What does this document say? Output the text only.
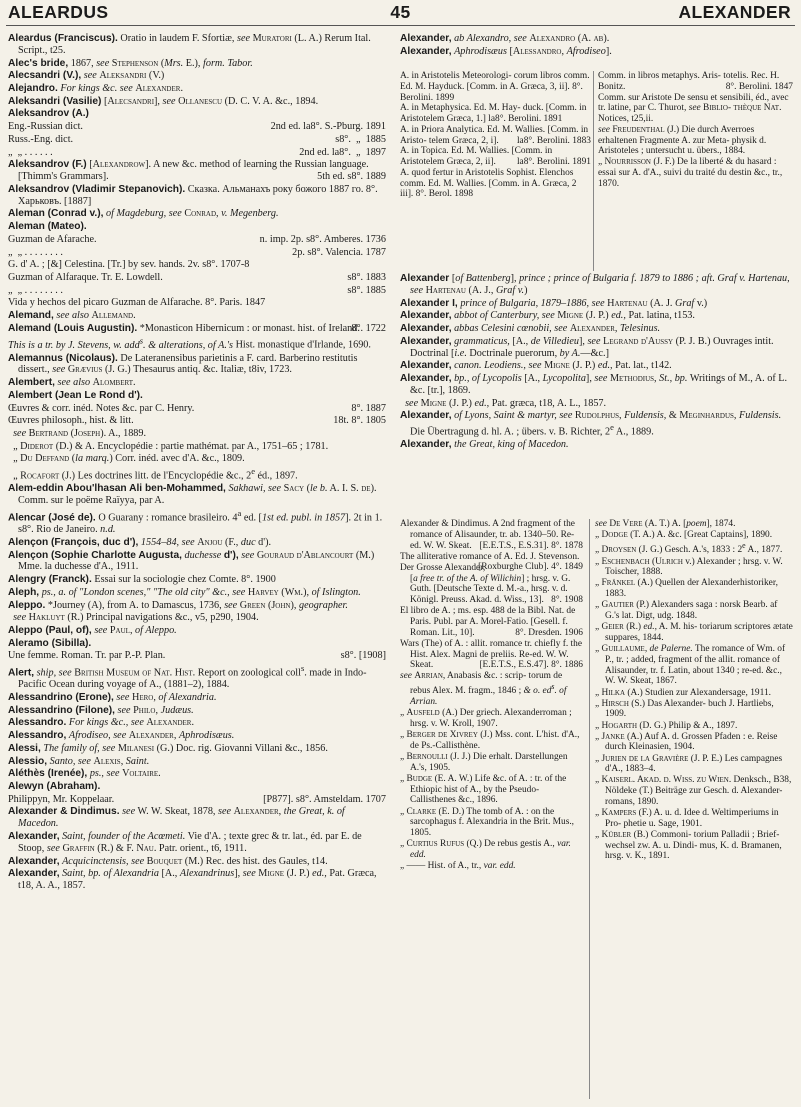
ALEARDUS	45	ALEXANDER

Aleardus (Franciscus). Oratio in laudem F. Sfortiæ, see Muratori (L. A.) Rerum Ital. Script., t25.

Alec's bride, 1867, see Stephenson (Mrs. E.), form. Tabor.

Alecsandri (V.), see Aleksandri (V.)

Alejandro. For kings &c. see Alexander.

Aleksandri (Vasilie) [Alecsandri], see Ollanescu (D. C. V. A. &c., 1894.

Aleksandrov (A.)

Eng.-Russian dict.	2nd ed. la8°. S.-Pburg. 1891

Russ.-Eng. dict.	s8°.  „  1885

„  „ . . . . . .	2nd ed. la8°.  „  1897

Aleksandrov (F.) [Alexandrow]. A new &c. method of learning the Russian language. [Thimm's Grammars].	5th ed. s8°. 1889

Aleksandrov (Vladimir Stepanovich). Сказка. Альманахъ року божого 1887 го. 8°. Харьковъ. [1887]

Aleman (Conrad v.), of Magdeburg, see Conrad, v. Megenberg.

Aleman (Mateo).

Guzman de Afarache.	n. imp. 2p. s8°. Amberes. 1736

„  „ . . . . . . . .	2p. s8°. Valencia. 1787

G. d' A. ; [&] Celestina. [Tr.] by sev. hands. 2v. s8°. 1707-8

Guzman of Alfaraque. Tr. E. Lowdell.	s8°. 1883

„  „ . . . . . . . .	s8°. 1885

Vida y hechos del picaro Guzman de Alfarache. 8°. Paris. 1847

Alemand, see also Allemand.

Alemand (Louis Augustin). *Monasticon Hibernicum : or monast. hist. of Ireland.
8°. 1722

This is a tr. by J. Stevens, w. add$^s$. & alterations, of A.'s Hist. monastique d'Irlande, 1690.

Alemannus (Nicolaus). De Lateranensibus parietinis a F. card. Barberino restitutis dissert., see Grævius (J. G.) Thesaurus antiq. &c. Italiæ, t8iv, 1723.

Alembert, see also Alombert.

Alembert (Jean Le Rond d').

Œuvres & corr. inéd. Notes &c. par C. Henry.	8°. 1887

Œuvres philosoph., hist. & litt.	18t. 8°. 1805

see Bertrand (Joseph). A., 1889.

„ Diderot (D.) & A. Encyclopédie : partie mathémat. par A., 1751–65 ; 1781.

„ Du Deffand (la marq.) Corr. inéd. avec d'A. &c., 1809.

„ Rocafort (J.) Les doctrines litt. de l'Encyclopédie &c., 2e éd., 1897.

Alem-eddin Abou'lhasan Ali ben-Mohammed, Sakhawi, see Sacy (le b. A. I. S. de). Comm. sur le poëme Raïyya, par A.

Alencar (José de). O Guarany : romance brasileiro. 4$^a$ ed. [1st ed. publ. in 1857]. 2t in 1. s8°. Rio de Janeiro. n.d.

Alençon (François, duc d'), 1554–84, see Anjou (F., duc d').

Alençon (Sophie Charlotte Augusta, duchesse d'), see Gouraud d'Ablancourt (M.) Mme. la duchesse d'A., 1911.

Alengry (Franck). Essai sur la sociologie chez Comte. 8°. 1900

Aleph, ps., a. of "London scenes," "The old city" &c., see Harvey (Wm.), of Islington.

Aleppo. *Journey (A), from A. to Damascus, 1736, see Green (John), geographer.

see Hakluyt (R.) Principal navigations &c., v5, p290, 1904.

Aleppo (Paul, of), see Paul, of Aleppo.

Aleramo (Sibilla).

Une femme. Roman. Tr. par P.-P. Plan.	s8°. [1908]

Alert, ship, see British Museum of Nat. Hist. Report on zoological coll$^s$. made in Indo-Pacific Ocean during voyage of A., (1881–2), 1884.

Alessandrino (Erone), see Hero, of Alexandria.

Alessandrino (Filone), see Philo, Judæus.

Alessandro. For kings &c., see Alexander.

Alessandro, Afrodiseo, see Alexander, Aphrodisæus.

Alessi, The family of, see Milanesi (G.) Doc. rig. Giovanni Villani &c., 1856.

Alessio, Santo, see Alexis, Saint.

Aléthès (Irenée), ps., see Voltaire.

Alewyn (Abraham).

Philippyn, Mr. Koppelaar.	[P877]. s8°. Amsteldam. 1707

Alexander & Dindimus. see W. W. Skeat, 1878, see Alexander, the Great, k. of Macedon.

Alexander, Saint, founder of the Acœmeti. Vie d'A. ; texte grec & tr. lat., éd. par E. de Stoop, see Graffin (R.) & F. Nau. Patr. orient., t6, 1911.

Alexander, Acquicinctensis, see Bouquet (M.) Rec. des hist. des Gaules, t14.

Alexander, Saint, bp. of Alexandria [A., Alexandrinus], see Migne (J. P.) ed., Pat. Græca, t18, A. A., 1857.

Alexander, ab Alexandro, see Alexandro (A. ab).

Alexander, Aphrodisæus [Alessandro, Afrodiseo].

A. in Aristotelis Meteorologi- corum libros comm. Ed. M. Hayduck. [Comm. in A. Græca, 3, ii]. 8°. Berolini. 1899

A. in Metaphysica. Ed. M. Hay- duck. [Comm. in Aristotelem Græca, 1.] la8°. Berolini. 1891

A. in Priora Analytica. Ed. M. Wallies. [Comm. in Aristo- telem Græca, 2, i]. la8°. Berolini. 1883

A. in Topica. Ed. M. Wallies. [Comm. in Aristotelem Græca, 2, ii]. la8°. Berolini. 1891

A. quod fertur in Aristotelis Sophist. Elenchos comm. Ed. M. Wallies. [Comm. in A. Græca, 2 iii]. 8°. Berol. 1898

Comm. in libros metaphys. Aris- totelis. Rec. H. Bonitz.	8°. Berolini. 1847

Comm. sur Aristote De sensu et sensibili, éd., avec tr. latine, par C. Thurot, see Biblio- thèque Nat. Notices, t25,ii.

see Freudenthal (J.) Die durch Averroes erhaltenen Fragmente A. zur Meta- physik d. Aristoteles ; untersucht u. übers., 1884.

„ Nourrisson (J. F.) De la liberté & du hasard : essai sur A. d'A., suivi du traité du destin &c., tr., 1870.

Alexander [of Battenberg], prince ; prince of Bulgaria f. 1879 to 1886 ; aft. Graf v. Hartenau, see Hartenau (A. J., Graf v.)

Alexander I, prince of Bulgaria, 1879–1886, see Hartenau (A. J. Graf v.)

Alexander, abbot of Canterbury, see Migne (J. P.) ed., Pat. latina, t153.

Alexander, abbas Celesini cœnobii, see Alexander, Telesinus.

Alexander, grammaticus, [A., de Villedieu], see Legrand d'Aussy (P. J. B.) Ouvrages intit. Doctrinal [i.e. Doctrinale puerorum, by A.—&c.]

Alexander, canon. Leodiens., see Migne (J. P.) ed., Pat. lat., t142.

Alexander, bp., of Lycopolis [A., Lycopolita], see Methodius, St., bp. Writings of M., A. of L. &c. [tr.], 1869.

see Migne (J. P.) ed., Pat. græca, t18, A. L., 1857.

Alexander, of Lyons, Saint & martyr, see Rudolphus, Fuldensis, & Meginhardus, Fuldensis. Die Übertragung d. hl. A. ; übers. v. B. Richter, 2e A., 1889.

Alexander, the Great, king of Macedon.

Alexander & Dindimus. A 2nd fragment of the romance of Alisaunder, tr. ab. 1340–50. Re-ed. W. W. Skeat. [E.E.T.S., E.S.31]. 8°. 1878

The alliterative romance of A. Ed. J. Stevenson.
[Roxburghe Club]. 4°. 1849

Der Grosse Alexander, [a free tr. of the A. of Wilichin] ; hrsg. v. G. Guth. [Deutsche Texte d. M.-a., hrsg. v. d. Königl. Preuss. Akad. d. Wiss., 13]. 8°. 1908

El libro de A. ; ms. esp. 488 de la Bibl. Nat. de Paris. Publ. par A. Morel-Fatio. [Gesell. f. Roman. Lit., 10].	8°. Dresden. 1906

Wars (The) of A. : allit. romance tr. chiefly f. the Hist. Alex. Magni de preliis. Re-ed. W. W. Skeat.	[E.E.T.S., E.S.47]. 8°. 1886

see Arrian, Anabasis &c. : scrip- torum de rebus Alex. M. fragm., 1846 ; & o. $ed^s$. of Arrian.

„ Ausfeld (A.) Der griech. Alexanderroman ; hrsg. v. W. Kroll, 1907.

„ Berger de Xivrey (J.) Mss. cont. L'hist. d'A., de Ps.-Callisthène.

„ Bernoulli (J. J.) Die erhalt. Darstellungen A.'s, 1905.

„ Budge (E. A. W.) Life &c. of A. : tr. of the Ethiopic hist of A., by the Pseudo- Callisthenes &c., 1896.

„ Clarke (E. D.) The tomb of A. : on the sarcophagus f. Alexandria in the Brit. Mus., 1805.

„ Curtius Rufus (Q.) De rebus gestis A., var. edd.

„ —— Hist. of A., tr., var. edd.

see De Vere (A. T.) A. [poem], 1874.

„ Dodge (T. A.) A. &c. [Great Captains], 1890.

„ Droysen (J. G.) Gesch. A.'s, 1833 : 2e A., 1877.

„ Eschenbach (Ulrich v.) Alexander ; hrsg. v. W. Toischer, 1888.

„ Fränkel (A.) Quellen der Alexanderhistoriker, 1883.

„ Gautier (P.) Alexanders saga : norsk Bearb. af G.'s lat. Digt, udg. 1848.

„ Geier (R.) ed., A. M. his- toriarum scriptores ætate suppares, 1844.

„ Guillaume, de Palerne. The romance of Wm. of P., tr. ; added, fragment of the allit. romance of Alisaunder, tr. f. Latin, about 1340 ; re-ed. &c., W. W. Skeat, 1867.

„ Hilka (A.) Studien zur Alexandersage, 1911.

„ Hirsch (S.) Das Alexander- buch J. Hartliebs, 1909.

„ Hogarth (D. G.) Philip & A., 1897.

„ Janke (A.) Auf A. d. Grossen Pfaden : e. Reise durch Kleinasien, 1904.

„ Jurien de la Gravière (J. P. E.) Les campagnes d'A., 1883–4.

„ Kaiserl. Akad. d. Wiss. zu Wien. Denksch., B38, Nöldeke (T.) Beiträge zur Gesch. d. Alexander- romans, 1890.

„ Kampers (F.) A. u. d. Idee d. Weltimperiums in Pro- phetie u. Sage, 1901.

„ Kübler (B.) Commoni- torium Palladii ; Brief- wechsel zw. A. u. Dindi- mus, K. d. Bramanen, hrsg. v. K., 1891.
